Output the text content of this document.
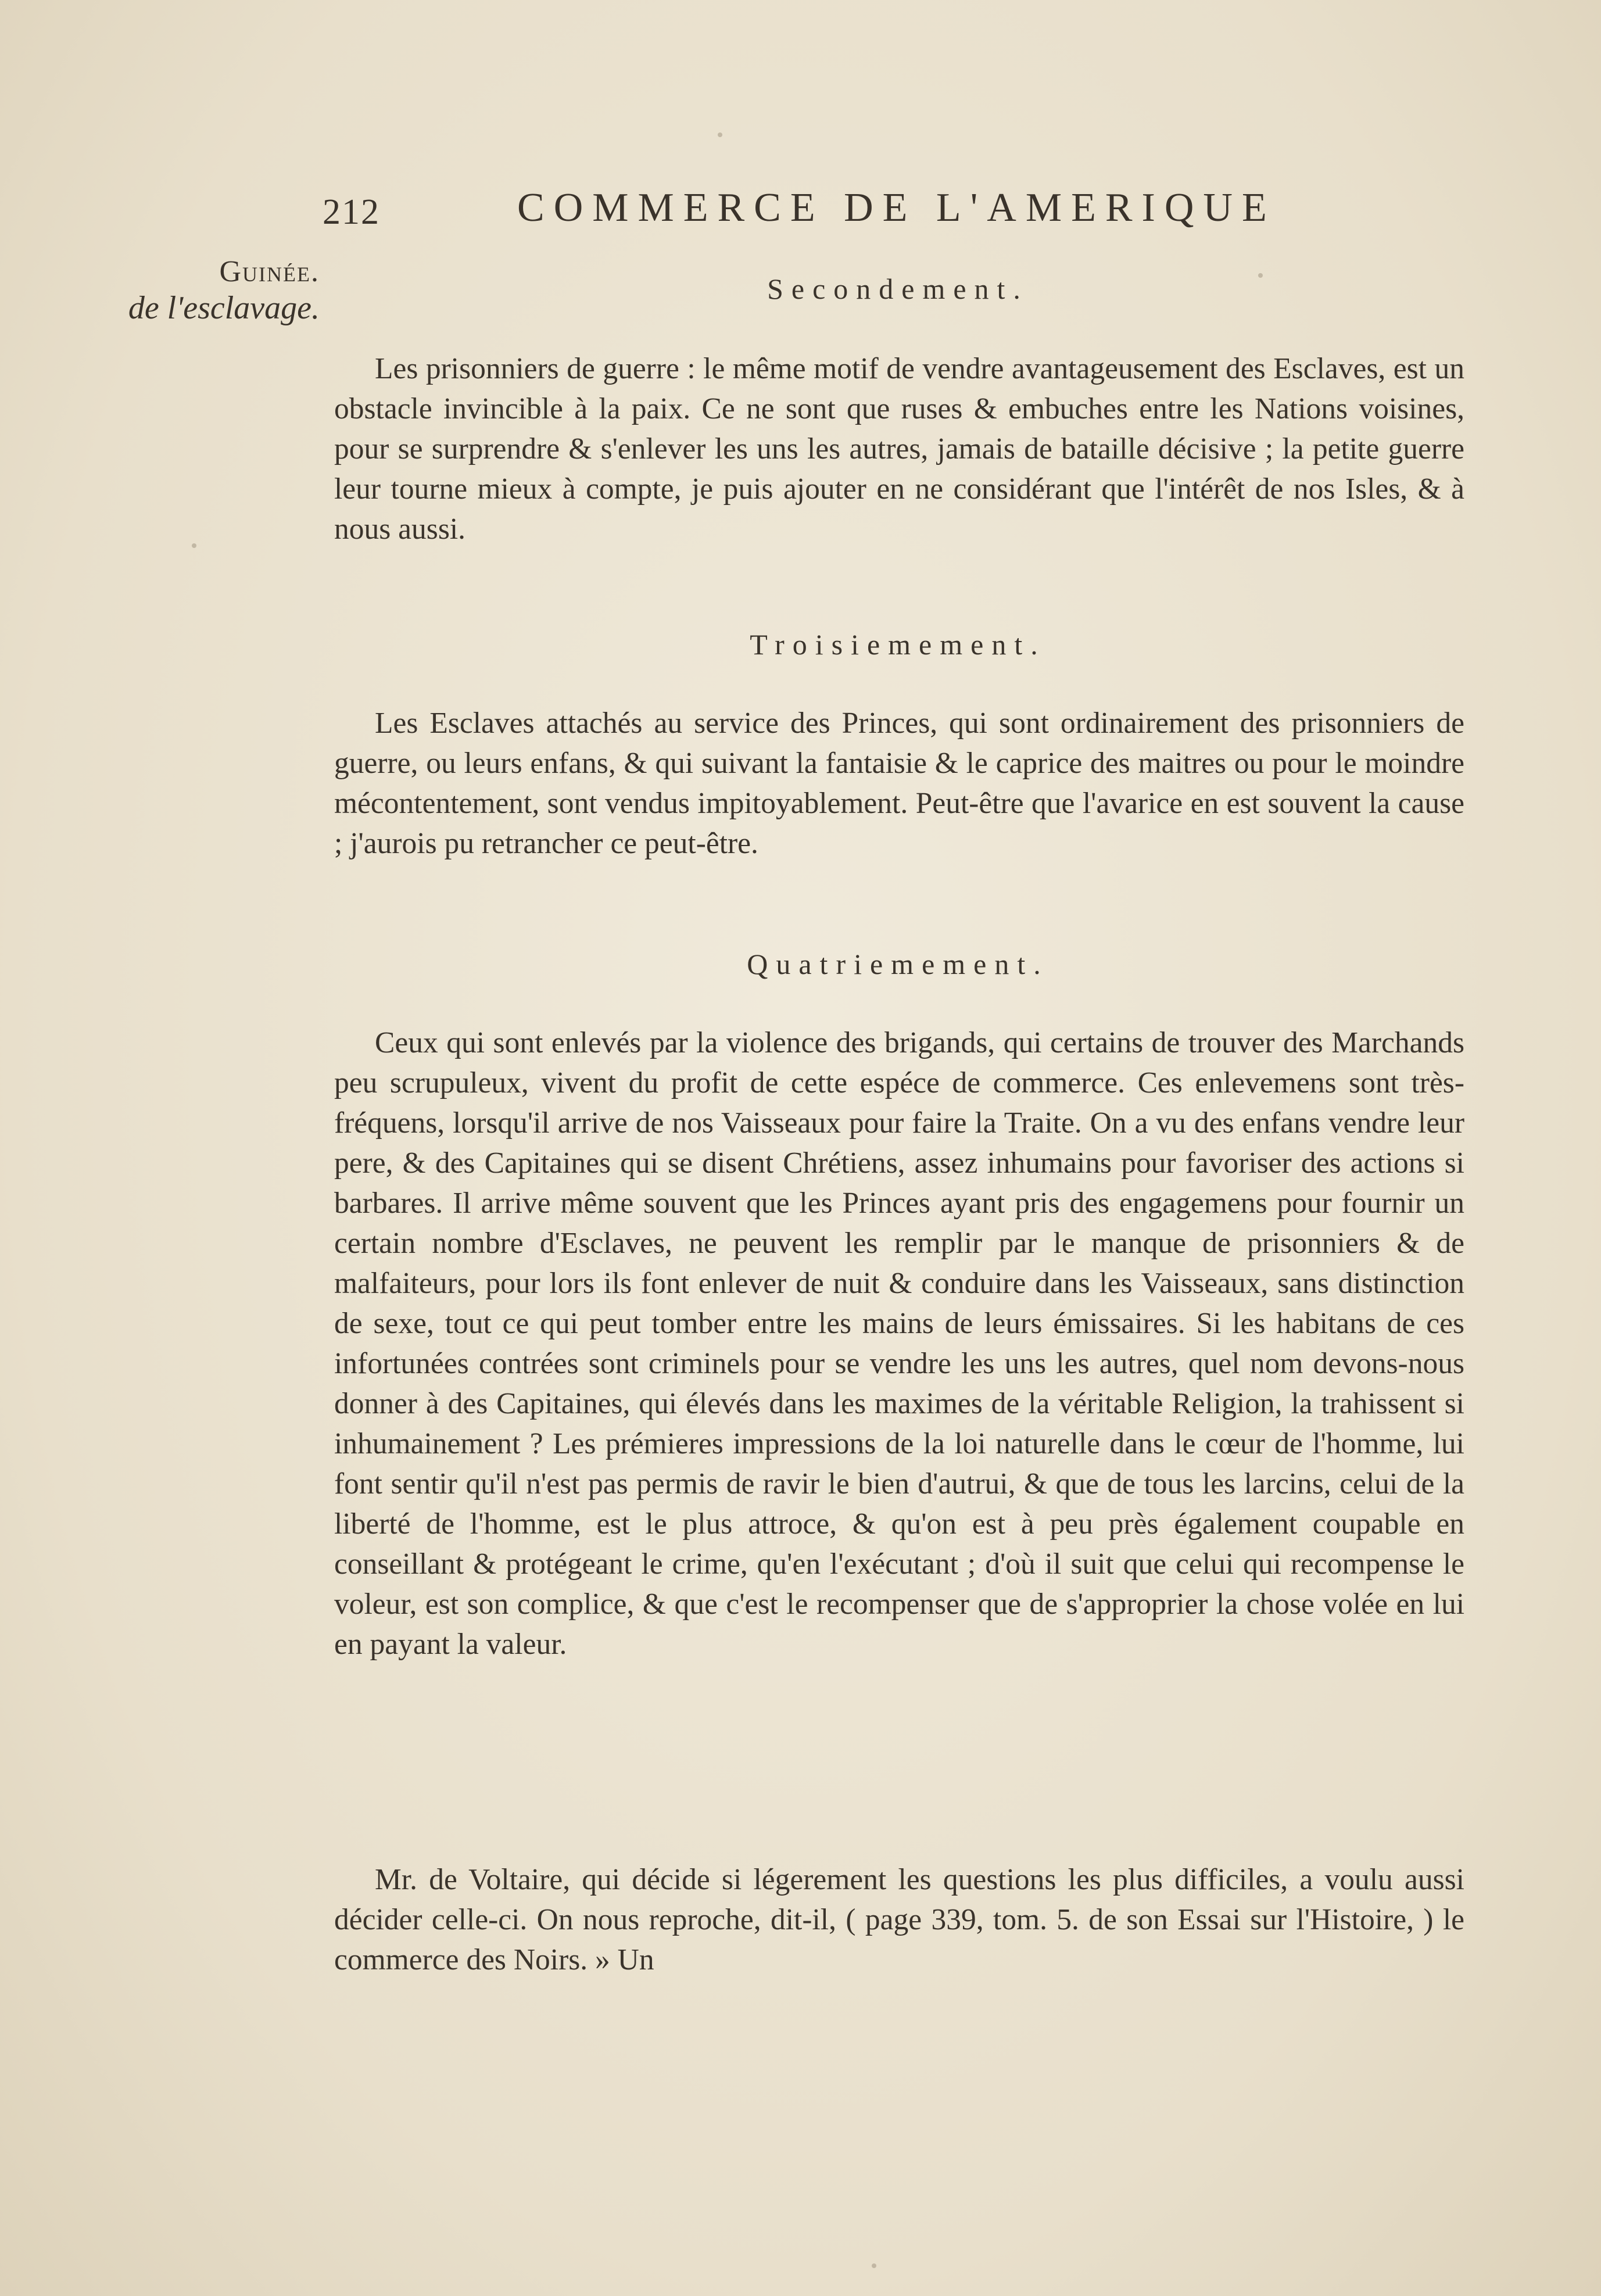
212	COMMERCE DE L'AMERIQUE
Guinée.
de l'esclavage.
Secondement.

Les prisonniers de guerre : le même motif de vendre avantageusement des Esclaves, est un obstacle invincible à la paix. Ce ne sont que ruses & embuches entre les Nations voisines, pour se surprendre & s'enlever les uns les autres, jamais de bataille décisive ; la petite guerre leur tourne mieux à compte, je puis ajouter en ne considérant que l'intérêt de nos Isles, & à nous aussi.

Troisiemement.

Les Esclaves attachés au service des Princes, qui sont ordinairement des prisonniers de guerre, ou leurs enfans, & qui suivant la fantaisie & le caprice des maitres ou pour le moindre mécontentement, sont vendus impitoyablement. Peut-être que l'avarice en est souvent la cause ; j'aurois pu retrancher ce peut-être.

Quatriemement.

Ceux qui sont enlevés par la violence des brigands, qui certains de trouver des Marchands peu scrupuleux, vivent du profit de cette espéce de commerce. Ces enlevemens sont très-fréquens, lorsqu'il arrive de nos Vaisseaux pour faire la Traite. On a vu des enfans vendre leur pere, & des Capitaines qui se disent Chrétiens, assez inhumains pour favoriser des actions si barbares. Il arrive même souvent que les Princes ayant pris des engagemens pour fournir un certain nombre d'Esclaves, ne peuvent les remplir par le manque de prisonniers & de malfaiteurs, pour lors ils font enlever de nuit & conduire dans les Vaisseaux, sans distinction de sexe, tout ce qui peut tomber entre les mains de leurs émissaires. Si les habitans de ces infortunées contrées sont criminels pour se vendre les uns les autres, quel nom devons-nous donner à des Capitaines, qui élevés dans les maximes de la véritable Religion, la trahissent si inhumainement ? Les prémieres impressions de la loi naturelle dans le cœur de l'homme, lui font sentir qu'il n'est pas permis de ravir le bien d'autrui, & que de tous les larcins, celui de la liberté de l'homme, est le plus attroce, & qu'on est à peu près également coupable en conseillant & protégeant le crime, qu'en l'exécutant ; d'où il suit que celui qui recompense le voleur, est son complice, & que c'est le recompenser que de s'approprier la chose volée en lui en payant la valeur.

Mr. de Voltaire, qui décide si légerement les questions les plus difficiles, a voulu aussi décider celle-ci. On nous reproche, dit-il, ( page 339, tom. 5. de son Essai sur l'Histoire, ) le commerce des Noirs. » Un
